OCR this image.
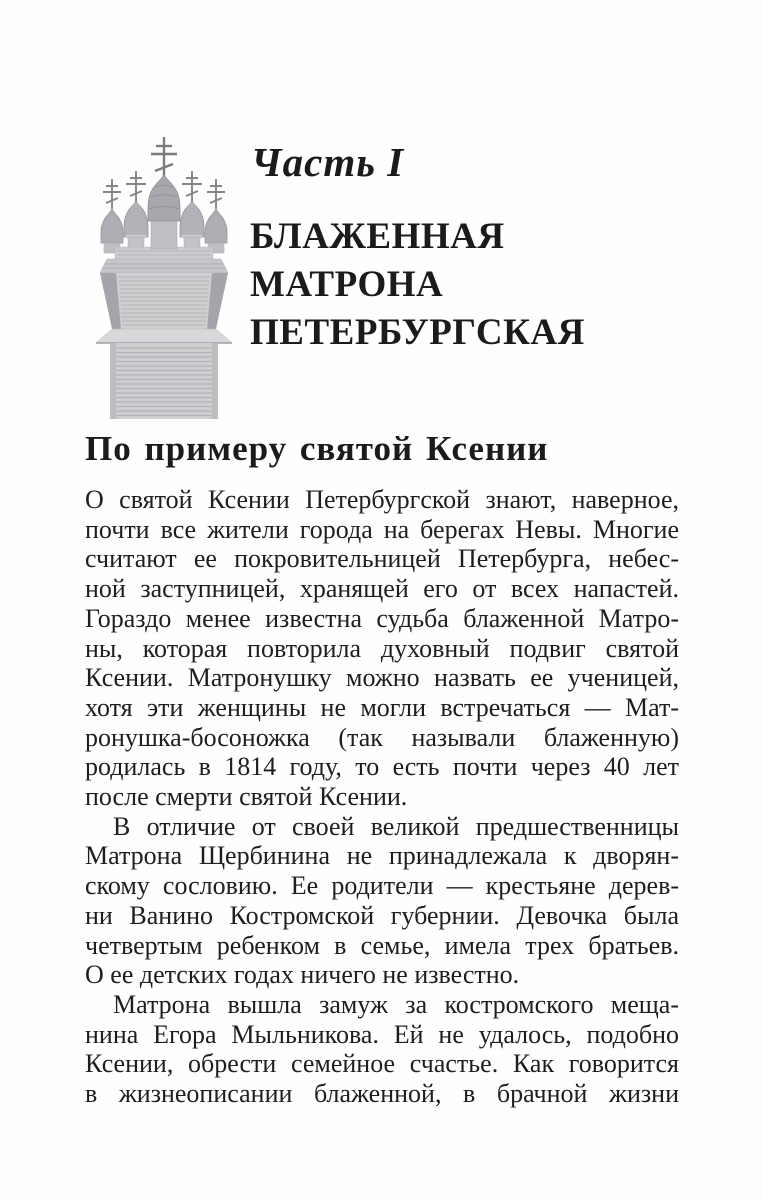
Часть I
БЛАЖЕННАЯ
МАТРОНА
ПЕТЕРБУРГСКАЯ
По примеру святой Ксении
О святой Ксении Петербургской знают, наверное,
почти все жители города на берегах Невы. Многие
считают ее покровительницей Петербурга, небес-
ной заступницей, хранящей его от всех напастей.
Гораздо менее известна судьба блаженной Матро-
ны, которая повторила духовный подвиг святой
Ксении. Матронушку можно назвать ее ученицей,
хотя эти женщины не могли встречаться — Мат-
ронушка-босоножка (так называли блаженную)
родилась в 1814 году, то есть почти через 40 лет
после смерти святой Ксении.
В отличие от своей великой предшественницы
Матрона Щербинина не принадлежала к дворян-
скому сословию. Ее родители — крестьяне дерев-
ни Ванино Костромской губернии. Девочка была
четвертым ребенком в семье, имела трех братьев.
О ее детских годах ничего не известно.
Матрона вышла замуж за костромского меща-
нина Егора Мыльникова. Ей не удалось, подобно
Ксении, обрести семейное счастье. Как говорится
в жизнеописании блаженной, в брачной жизни
